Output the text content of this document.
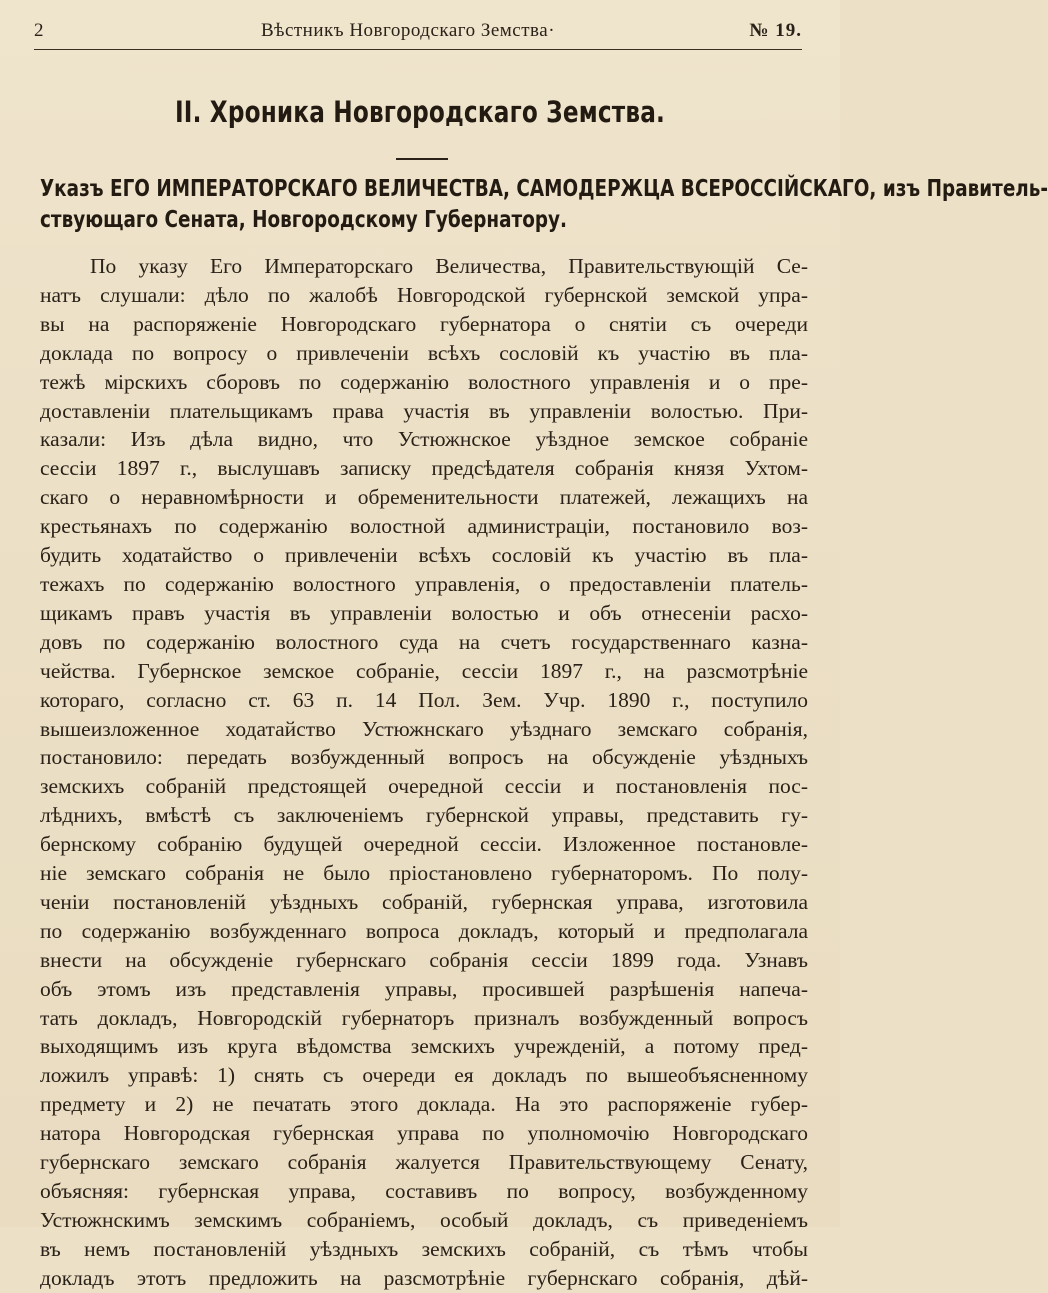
2	Вѣстникъ Новгородскаго Земства·	№ 19.
II. Хроника Новгородскаго Земства.
Указъ ЕГО ИМПЕРАТОРСКАГО ВЕЛИЧЕСТВА, САМОДЕРЖЦА ВСЕРОССІЙСКАГО, изъ Правитель-
ствующаго Сената, Новгородскому Губернатору.
По указу Его Императорскаго Величества, Правительствующій Се-
натъ слушали: дѣло по жалобѣ Новгородской губернской земской упра-
вы на распоряженіе Новгородскаго губернатора о снятіи съ очереди
доклада по вопросу о привлеченіи всѣхъ сословій къ участію въ пла-
тежѣ мірскихъ сборовъ по содержанію волостного управленія и о пре-
доставленіи плательщикамъ права участія въ управленіи волостью. При-
казали: Изъ дѣла видно, что Устюжнское уѣздное земское собраніе
сессіи 1897 г., выслушавъ записку предсѣдателя собранія князя Ухтом-
скаго о неравномѣрности и обременительности платежей, лежащихъ на
крестьянахъ по содержанію волостной администраціи, постановило воз-
будить ходатайство о привлеченіи всѣхъ сословій къ участію въ пла-
тежахъ по содержанію волостного управленія, о предоставленіи платель-
щикамъ правъ участія въ управленіи волостью и объ отнесеніи расхо-
довъ по содержанію волостного суда на счетъ государственнаго казна-
чейства. Губернское земское собраніе, сессіи 1897 г., на разсмотрѣніе
котораго, согласно ст. 63 п. 14 Пол. Зем. Учр. 1890 г., поступило
вышеизложенное ходатайство Устюжнскаго уѣзднаго земскаго собранія,
постановило: передать возбужденный вопросъ на обсужденіе уѣздныхъ
земскихъ собраній предстоящей очередной сессіи и постановленія пос-
лѣднихъ, вмѣстѣ съ заключеніемъ губернской управы, представить гу-
бернскому собранію будущей очередной сессіи. Изложенное постановле-
ніе земскаго собранія не было пріостановлено губернаторомъ. По полу-
ченіи постановленій уѣздныхъ собраній, губернская управа, изготовила
по содержанію возбужденнаго вопроса докладъ, который и предполагала
внести на обсужденіе губернскаго собранія сессіи 1899 года. Узнавъ
объ этомъ изъ представленія управы, просившей разрѣшенія напеча-
тать докладъ, Новгородскій губернаторъ призналъ возбужденный вопросъ
выходящимъ изъ круга вѣдомства земскихъ учрежденій, а потому пред-
ложилъ управѣ: 1) снять съ очереди ея докладъ по вышеобъясненному
предмету и 2) не печатать этого доклада. На это распоряженіе губер-
натора Новгородская губернская управа по уполномочію Новгородскаго
губернскаго земскаго собранія жалуется Правительствующему Сенату,
объясняя: губернская управа, составивъ по вопросу, возбужденному
Устюжнскимъ земскимъ собраніемъ, особый докладъ, съ приведеніемъ
въ немъ постановленій уѣздныхъ земскихъ собраній, съ тѣмъ чтобы
докладъ этотъ предложить на разсмотрѣніе губернскаго собранія, дѣй-
